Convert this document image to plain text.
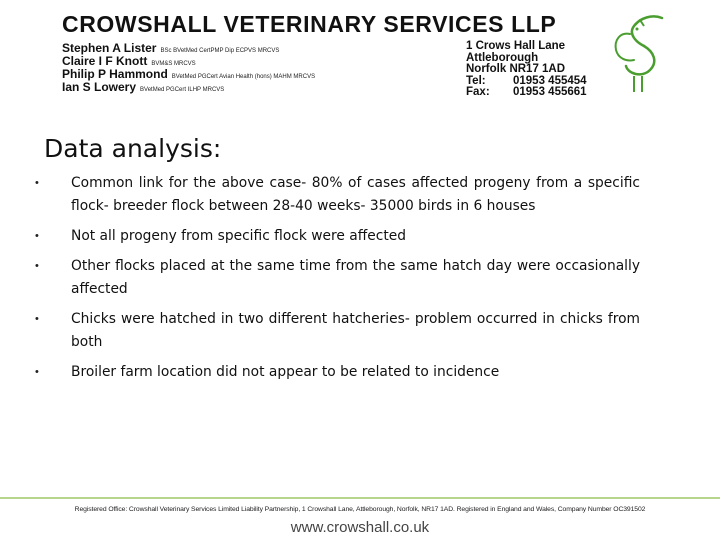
CROWSHALL VETERINARY SERVICES LLP
Stephen A Lister BSc BVetMed CertPMP Dip ECPVS MRCVS
Claire I F Knott BVM&S MRCVS
Philip P Hammond BVetMed PGCert Avian Health (hons) MAHM MRCVS
Ian S Lowery BVetMed PGCert ILHP MRCVS
1 Crows Hall Lane
Attleborough
Norfolk NR17 1AD
Tel:	01953 455454
Fax:	01953 455661
Data analysis:
•	Common link for the above case- 80% of cases affected progeny from a specific flock- breeder flock between 28-40 weeks- 35000 birds in 6 houses
•	Not all progeny from specific flock were affected
•	Other flocks placed at the same time from the same hatch day were occasionally affected
•	Chicks were hatched in two different hatcheries- problem occurred in chicks from both
•	Broiler farm location did not appear to be related to incidence
Registered Office: Crowshall Veterinary Services Limited Liability Partnership, 1 Crowshall Lane, Attleborough, Norfolk, NR17 1AD. Registered in England and Wales, Company Number OC391502
www.crowshall.co.uk
